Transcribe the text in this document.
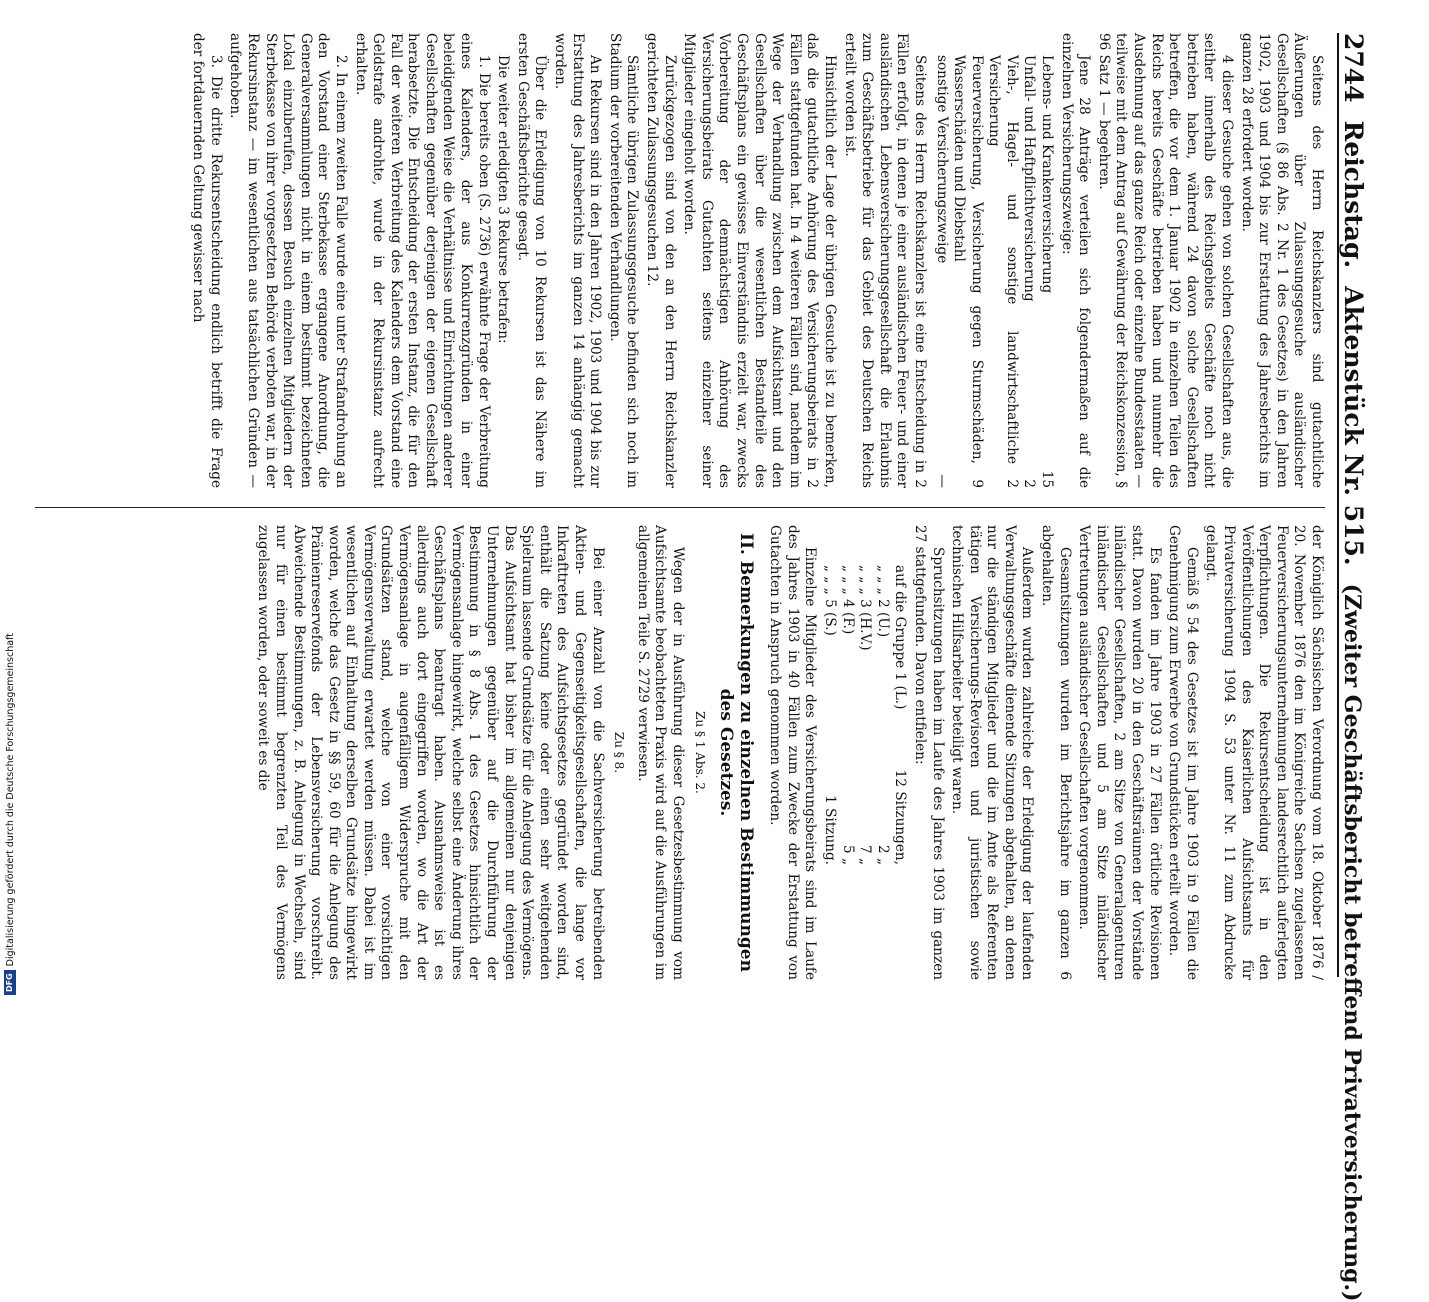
2744
Reichstag.
Aktenstück Nr. 515.
(Zweiter Geschäftsbericht betreffend Privatversicherung.)

Seitens des Herrn Reichskanzlers sind gutachtliche Äußerungen über Zulassungsgesuche ausländischer Gesellschaften (§ 86 Abs. 2 Nr. 1 des Gesetzes) in den Jahren 1902, 1903 und 1904 bis zur Erstattung des Jahresberichts im ganzen 28 erfordert worden.

4 dieser Gesuche gehen von solchen Gesellschaften aus, die seither innerhalb des Reichsgebiets Geschäfte noch nicht betrieben haben, während 24 davon solche Gesellschaften betreffen, die vor dem 1. Januar 1902 in einzelnen Teilen des Reichs bereits Geschäfte betrieben haben und nunmehr die Ausdehnung auf das ganze Reich oder einzelne Bundesstaaten — teilweise mit dem Antrag auf Gewährung der Reichskonzession, § 96 Satz 1 — begehren.

Jene 28 Anträge verteilen sich folgendermaßen auf die einzelnen Versicherungszweige:

Lebens- und Krankenversicherung
15
Unfall- und Haftpflichtversicherung
2
Vieh-, Hagel- und sonstige landwirtschaftliche Versicherung
2
Feuerversicherung, Versicherung gegen Sturmschäden, Wasserschäden und Diebstahl
9
sonstige Versicherungszweige
—

Seitens des Herrn Reichskanzlers ist eine Entscheidung in 2 Fällen erfolgt, in denen je einer ausländischen Feuer- und einer ausländischen Lebensversicherungsgesellschaft die Erlaubnis zum Geschäftsbetriebe für das Gebiet des Deutschen Reichs erteilt worden ist.

Hinsichtlich der Lage der übrigen Gesuche ist zu bemerken, daß die gutachtliche Anhörung des Versicherungsbeirats in 2 Fällen stattgefunden hat. In 4 weiteren Fällen sind, nachdem im Wege der Verhandlung zwischen dem Aufsichtsamt und den Gesellschaften über die wesentlichen Bestandteile des Geschäftsplans ein gewisses Einverständnis erzielt war, zwecks Vorbereitung der demnächstigen Anhörung des Versicherungsbeirats Gutachten seitens einzelner seiner Mitglieder eingeholt worden.

Zurückgezogen sind von den an den Herrn Reichskanzler gerichteten Zulassungsgesuchen 12.

Sämtliche übrigen Zulassungsgesuche befinden sich noch im Stadium der vorbereitenden Verhandlungen.

An Rekursen sind in den Jahren 1902, 1903 und 1904 bis zur Erstattung des Jahresberichts im ganzen 14 anhängig gemacht worden.

Über die Erledigung von 10 Rekursen ist das Nähere im ersten Geschäftsberichte gesagt.

Die weiter erledigten 3 Rekurse betrafen:

1. Die bereits oben (S. 2736) erwähnte Frage der Verbreitung eines Kalenders, der aus Konkurrenzgründen in einer beleidigenden Weise die Verhältnisse und Einrichtungen anderer Gesellschaften gegenüber derjenigen der eigenen Gesellschaft herabsetzte. Die Entscheidung der ersten Instanz, die für den Fall der weiteren Verbreitung des Kalenders dem Vorstand eine Geldstrafe androhte, wurde in der Rekursinstanz aufrecht erhalten.

2. In einem zweiten Falle wurde eine unter Strafandrohung an den Vorstand einer Sterbekasse ergangene Anordnung, die Generalversammlungen nicht in einem bestimmt bezeichneten Lokal einzuberufen, dessen Besuch einzelnen Mitgliedern der Sterbekasse von ihrer vorgesetzten Behörde verboten war, in der Rekursinstanz — im wesentlichen aus tatsächlichen Gründen — aufgehoben.

3. Die dritte Rekursentscheidung endlich betrifft die Frage der fortdauernden Geltung gewisser nach

der Königlich Sächsischen Verordnung vom 18. Oktober 1876 / 20. November 1876 den im Königreiche Sachsen zugelassenen Feuerversicherungsunternehmungen landesrechtlich auferlegten Verpflichtungen. Die Rekursentscheidung ist in den Veröffentlichungen des Kaiserlichen Aufsichtsamts für Privatversicherung 1904 S. 53 unter Nr. 11 zum Abdrucke gelangt.

Gemäß § 54 des Gesetzes ist im Jahre 1903 in 9 Fällen die Genehmigung zum Erwerbe von Grundstücken erteilt worden.

Es fanden im Jahre 1903 in 27 Fällen örtliche Revisionen statt. Davon wurden 20 in den Geschäftsräumen der Vorstände inländischer Gesellschaften, 2 am Sitze von Generalagenturen inländischer Gesellschaften und 5 am Sitze inländischer Vertretungen ausländischer Gesellschaften vorgenommen.

Gesamtsitzungen wurden im Berichtsjahre im ganzen 6 abgehalten.

Außerdem wurden zahlreiche der Erledigung der laufenden Verwaltungsgeschäfte dienende Sitzungen abgehalten, an denen nur die ständigen Mitglieder und die im Amte als Referenten tätigen Versicherungs-Revisoren und juristischen sowie technischen Hilfsarbeiter beteiligt waren.

Spruchsitzungen haben im Laufe des Jahres 1903 im ganzen 27 stattgefunden. Davon entfielen:

auf die Gruppe 1 (L.)
12 Sitzungen,
„ „ „ 2 (U.)
2 „
„ „ „ 3 (H.V.)
7 „
„ „ „ 4 (F.)
5 „
„ „ „ 5 (S.)
1 Sitzung.

Einzelne Mitglieder des Versicherungsbeirats sind im Laufe des Jahres 1903 in 40 Fällen zum Zwecke der Erstattung von Gutachten in Anspruch genommen worden.

II. Bemerkungen zu einzelnen Bestimmungen des Gesetzes.
Zu § 1 Abs. 2.

Wegen der in Ausführung dieser Gesetzesbestimmung vom Aufsichtsamte beobachteten Praxis wird auf die Ausführungen im allgemeinen Teile S. 2729 verwiesen.

Zu § 8.

Bei einer Anzahl von die Sachversicherung betreibenden Aktien- und Gegenseitigkeitsgesellschaften, die lange vor Inkrafttreten des Aufsichtsgesetzes gegründet worden sind, enthält die Satzung keine oder einen sehr weitgehenden Spielraum lassende Grundsätze für die Anlegung des Vermögens. Das Aufsichtsamt hat bisher im allgemeinen nur denjenigen Unternehmungen gegenüber auf die Durchführung der Bestimmung in § 8 Abs. 1 des Gesetzes hinsichtlich der Vermögensanlage hingewirkt, welche selbst eine Änderung ihres Geschäftsplans beantragt haben. Ausnahmsweise ist es allerdings auch dort eingegriffen worden, wo die Art der Vermögensanlage in augenfälligem Widerspruche mit den Grundsätzen stand, welche von einer vorsichtigen Vermögensverwaltung erwartet werden müssen. Dabei ist im wesentlichen auf Einhaltung derselben Grundsätze hingewirkt worden, welche das Gesetz in §§ 59, 60 für die Anlegung des Prämienreservefonds der Lebensversicherung vorschreibt. Abweichende Bestimmungen, z. B. Anlegung in Wechseln, sind nur für einen bestimmt begrenzten Teil des Vermögens zugelassen worden, oder soweit es die

DFG
Digitalisierung gefördert durch die Deutsche Forschungsgemeinschaft
